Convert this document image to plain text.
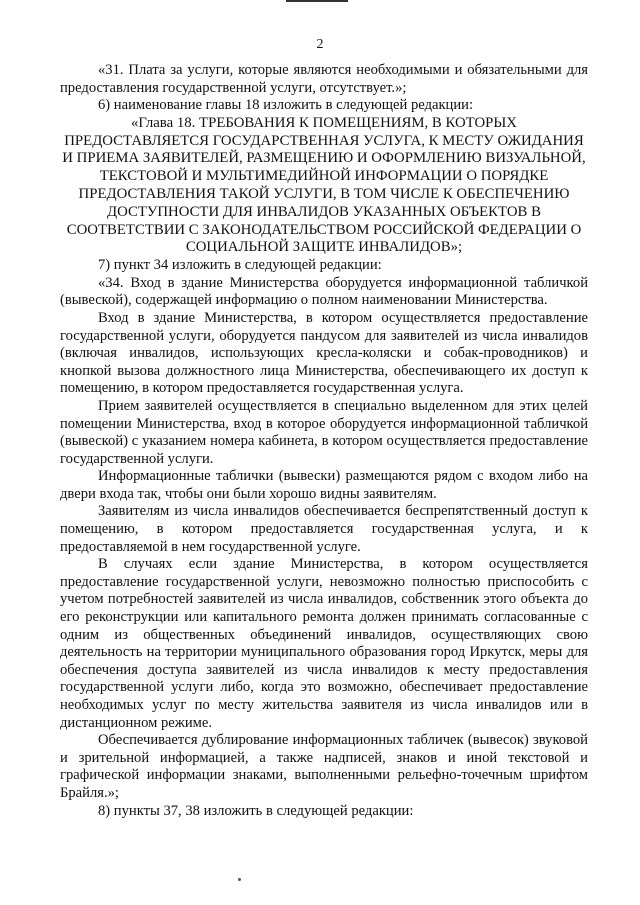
2

«31. Плата за услуги, которые являются необходимыми и обязательными для предоставления государственной услуги, отсутствует.»;

6) наименование главы 18 изложить в следующей редакции:

«Глава 18. ТРЕБОВАНИЯ К ПОМЕЩЕНИЯМ, В КОТОРЫХ ПРЕДОСТАВЛЯЕТСЯ ГОСУДАРСТВЕННАЯ УСЛУГА, К МЕСТУ ОЖИДАНИЯ И ПРИЕМА ЗАЯВИТЕЛЕЙ, РАЗМЕЩЕНИЮ И ОФОРМЛЕНИЮ ВИЗУАЛЬНОЙ, ТЕКСТОВОЙ И МУЛЬТИМЕДИЙНОЙ ИНФОРМАЦИИ О ПОРЯДКЕ ПРЕДОСТАВЛЕНИЯ ТАКОЙ УСЛУГИ, В ТОМ ЧИСЛЕ К ОБЕСПЕЧЕНИЮ ДОСТУПНОСТИ ДЛЯ ИНВАЛИДОВ УКАЗАННЫХ ОБЪЕКТОВ В СООТВЕТСТВИИ С ЗАКОНОДАТЕЛЬСТВОМ РОССИЙСКОЙ ФЕДЕРАЦИИ О СОЦИАЛЬНОЙ ЗАЩИТЕ ИНВАЛИДОВ»;

7) пункт 34 изложить в следующей редакции:

«34. Вход в здание Министерства оборудуется информационной табличкой (вывеской), содержащей информацию о полном наименовании Министерства.

Вход в здание Министерства, в котором осуществляется предоставление государственной услуги, оборудуется пандусом для заявителей из числа инвалидов (включая инвалидов, использующих кресла-коляски и собак-проводников) и кнопкой вызова должностного лица Министерства, обеспечивающего их доступ к помещению, в котором предоставляется государственная услуга.

Прием заявителей осуществляется в специально выделенном для этих целей помещении Министерства, вход в которое оборудуется информационной табличкой (вывеской) с указанием номера кабинета, в котором осуществляется предоставление государственной услуги.

Информационные таблички (вывески) размещаются рядом с входом либо на двери входа так, чтобы они были хорошо видны заявителям.

Заявителям из числа инвалидов обеспечивается беспрепятственный доступ к помещению, в котором предоставляется государственная услуга, и к предоставляемой в нем государственной услуге.

В случаях если здание Министерства, в котором осуществляется предоставление государственной услуги, невозможно полностью приспособить с учетом потребностей заявителей из числа инвалидов, собственник этого объекта до его реконструкции или капитального ремонта должен принимать согласованные с одним из общественных объединений инвалидов, осуществляющих свою деятельность на территории муниципального образования город Иркутск, меры для обеспечения доступа заявителей из числа инвалидов к месту предоставления государственной услуги либо, когда это возможно, обеспечивает предоставление необходимых услуг по месту жительства заявителя из числа инвалидов или в дистанционном режиме.

Обеспечивается дублирование информационных табличек (вывесок) звуковой и зрительной информацией, а также надписей, знаков и иной текстовой и графической информации знаками, выполненными рельефно-точечным шрифтом Брайля.»;

8) пункты 37, 38 изложить в следующей редакции:
